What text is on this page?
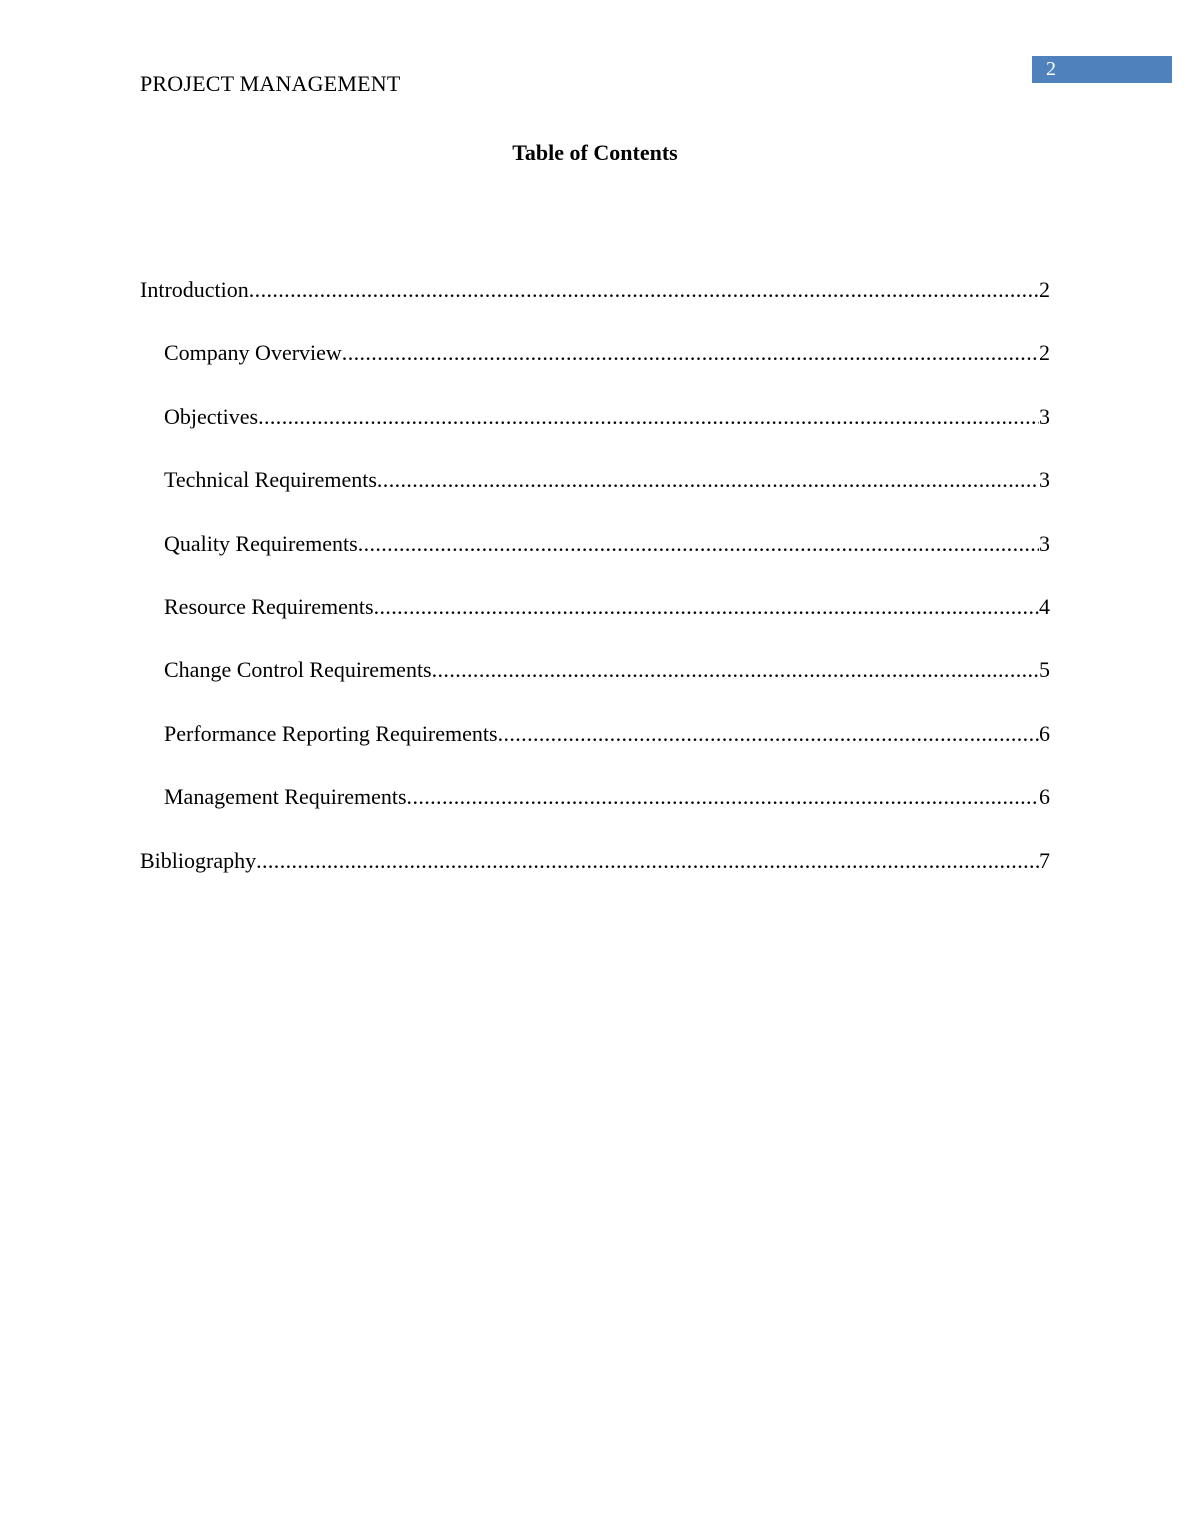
PROJECT MANAGEMENT
2
Table of Contents
Introduction .....	2
Company Overview .....	2
Objectives .....	3
Technical Requirements .....	3
Quality Requirements .....	3
Resource Requirements .....	4
Change Control Requirements .....	5
Performance Reporting Requirements .....	6
Management Requirements .....	6
Bibliography .....	7
